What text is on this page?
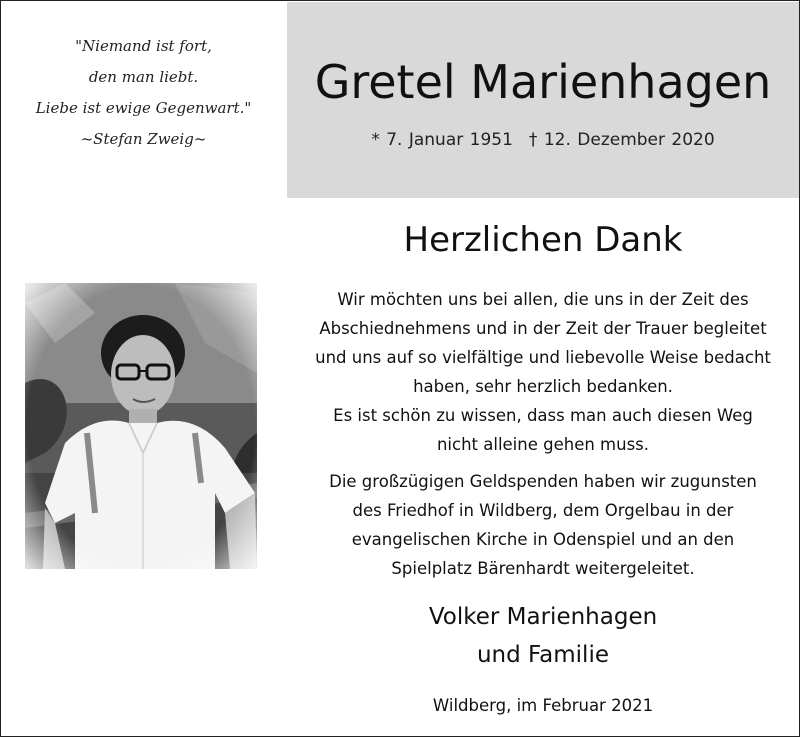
"Niemand ist fort,
den man liebt.
Liebe ist ewige Gegenwart."
~Stefan Zweig~
Gretel Marienhagen
* 7. Januar 1951 † 12. Dezember 2020
Herzlichen Dank
Wir möchten uns bei allen, die uns in der Zeit des
Abschiednehmens und in der Zeit der Trauer begleitet
und uns auf so vielfältige und liebevolle Weise bedacht
haben, sehr herzlich bedanken.
Es ist schön zu wissen, dass man auch diesen Weg
nicht alleine gehen muss.
Die großzügigen Geldspenden haben wir zugunsten
des Friedhof in Wildberg, dem Orgelbau in der
evangelischen Kirche in Odenspiel und an den
Spielplatz Bärenhardt weitergeleitet.
Volker Marienhagen
und Familie
Wildberg, im Februar 2021
